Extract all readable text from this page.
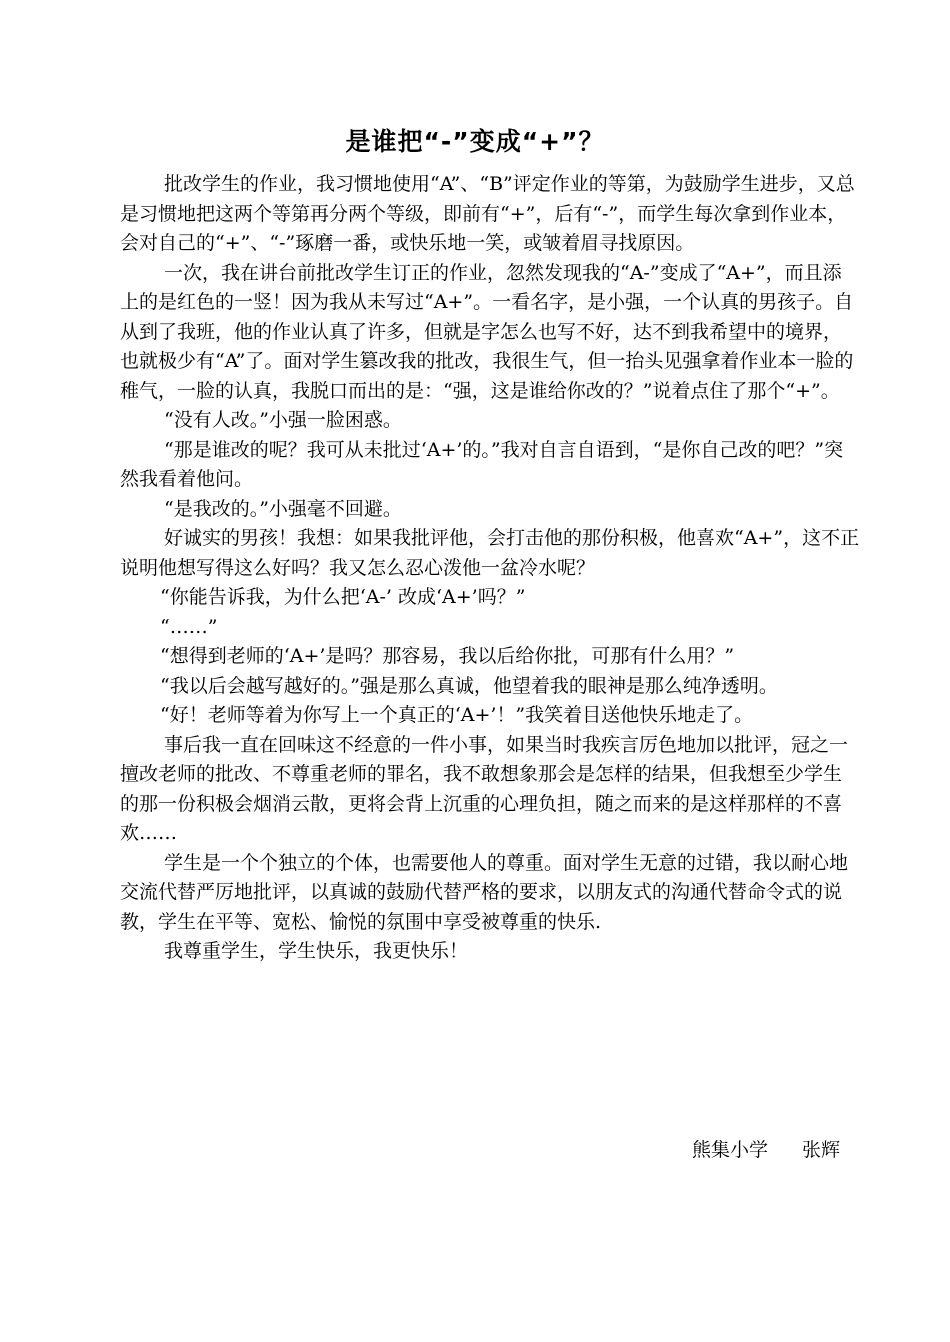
是谁把“-”变成“+”？

批改学生的作业，我习惯地使用“A”、“B”评定作业的等第，为鼓励学生进步，又总是习惯地把这两个等第再分两个等级，即前有“+”，后有“-”，而学生每次拿到作业本，会对自己的“+”、“-”琢磨一番，或快乐地一笑，或皱着眉寻找原因。

一次，我在讲台前批改学生订正的作业，忽然发现我的“A-”变成了“A+”，而且添上的是红色的一竖！因为我从未写过“A+”。一看名字，是小强，一个认真的男孩子。自从到了我班，他的作业认真了许多，但就是字怎么也写不好，达不到我希望中的境界，也就极少有“A”了。面对学生篡改我的批改，我很生气，但一抬头见强拿着作业本一脸的稚气，一脸的认真，我脱口而出的是：“强，这是谁给你改的？”说着点住了那个“+”。

“没有人改。”小强一脸困惑。

“那是谁改的呢？我可从未批过‘A+’的。”我对自言自语到，“是你自己改的吧？”突然我看着他问。

“是我改的。”小强毫不回避。

好诚实的男孩！我想：如果我批评他，会打击他的那份积极，他喜欢“A+”，这不正说明他想写得这么好吗？我又怎么忍心泼他一盆冷水呢？

“你能告诉我，为什么把‘A-’ 改成‘A+’吗？”

“……”

“想得到老师的‘A+’是吗？那容易，我以后给你批，可那有什么用？”

“我以后会越写越好的。”强是那么真诚，他望着我的眼神是那么纯净透明。

“好！老师等着为你写上一个真正的‘A+’！”我笑着目送他快乐地走了。

事后我一直在回味这不经意的一件小事，如果当时我疾言厉色地加以批评，冠之一擅改老师的批改、不尊重老师的罪名，我不敢想象那会是怎样的结果，但我想至少学生的那一份积极会烟消云散，更将会背上沉重的心理负担，随之而来的是这样那样的不喜欢……

学生是一个个独立的个体，也需要他人的尊重。面对学生无意的过错，我以耐心地交流代替严厉地批评，以真诚的鼓励代替严格的要求，以朋友式的沟通代替命令式的说教，学生在平等、宽松、愉悦的氛围中享受被尊重的快乐.

我尊重学生，学生快乐，我更快乐！

熊集小学 张辉
